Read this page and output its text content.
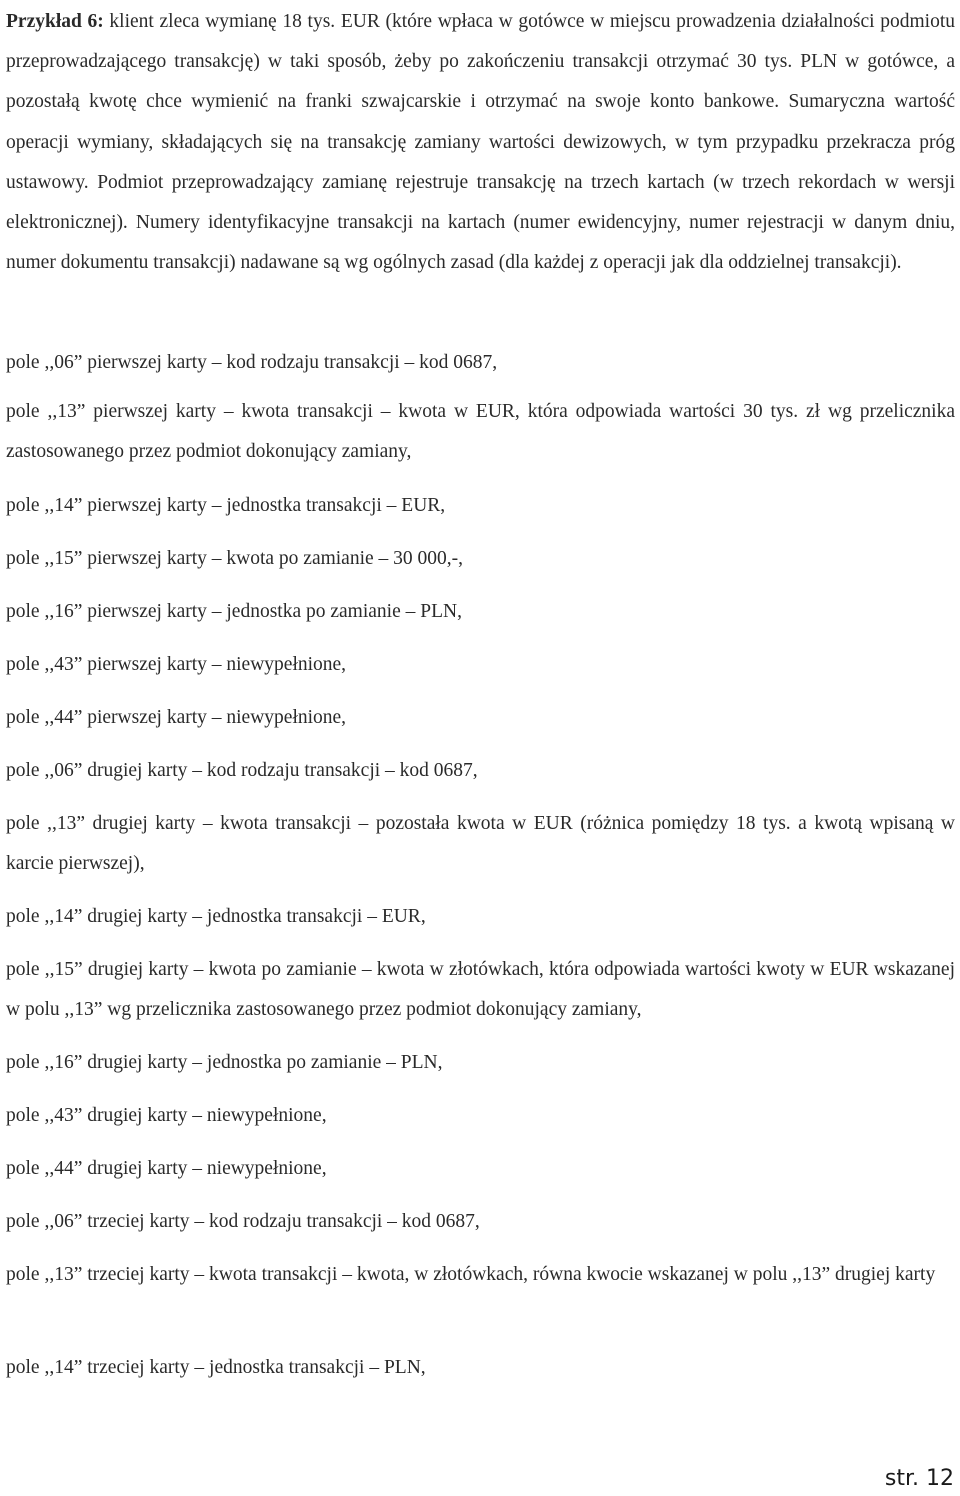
Przykład 6: klient zleca wymianę 18 tys. EUR (które wpłaca w gotówce w miejscu prowadzenia działalności podmiotu przeprowadzającego transakcję) w taki sposób, żeby po zakończeniu transakcji otrzymać 30 tys. PLN w gotówce, a pozostałą kwotę chce wymienić na franki szwajcarskie i otrzymać na swoje konto bankowe. Sumaryczna wartość operacji wymiany, składających się na transakcję zamiany wartości dewizowych, w tym przypadku przekracza próg ustawowy. Podmiot przeprowadzający zamianę rejestruje transakcję na trzech kartach (w trzech rekordach w wersji elektronicznej). Numery identyfikacyjne transakcji na kartach (numer ewidencyjny, numer rejestracji w danym dniu, numer dokumentu transakcji) nadawane są wg ogólnych zasad (dla każdej z operacji jak dla oddzielnej transakcji).

pole ,,06” pierwszej karty – kod rodzaju transakcji – kod 0687,

pole ,,13” pierwszej karty – kwota transakcji – kwota w EUR, która odpowiada wartości 30 tys. zł wg przelicznika zastosowanego przez podmiot dokonujący zamiany,

pole ,,14” pierwszej karty – jednostka transakcji – EUR,

pole ,,15” pierwszej karty – kwota po zamianie – 30 000,-,

pole ,,16” pierwszej karty – jednostka po zamianie – PLN,

pole ,,43” pierwszej karty – niewypełnione,

pole ,,44” pierwszej karty – niewypełnione,

pole ,,06” drugiej karty – kod rodzaju transakcji – kod 0687,

pole ,,13” drugiej karty – kwota transakcji – pozostała kwota w EUR (różnica pomiędzy 18 tys. a kwotą wpisaną w karcie pierwszej),

pole ,,14” drugiej karty – jednostka transakcji – EUR,

pole ,,15” drugiej karty – kwota po zamianie – kwota w złotówkach, która odpowiada wartości kwoty w EUR wskazanej w polu ,,13” wg przelicznika zastosowanego przez podmiot dokonujący zamiany,

pole ,,16” drugiej karty – jednostka po zamianie – PLN,

pole ,,43” drugiej karty – niewypełnione,

pole ,,44” drugiej karty – niewypełnione,

pole ,,06” trzeciej karty – kod rodzaju transakcji – kod 0687,

pole ,,13” trzeciej karty – kwota transakcji – kwota, w złotówkach, równa kwocie wskazanej w polu ,,13” drugiej karty

pole ,,14” trzeciej karty – jednostka transakcji – PLN,

str. 12
